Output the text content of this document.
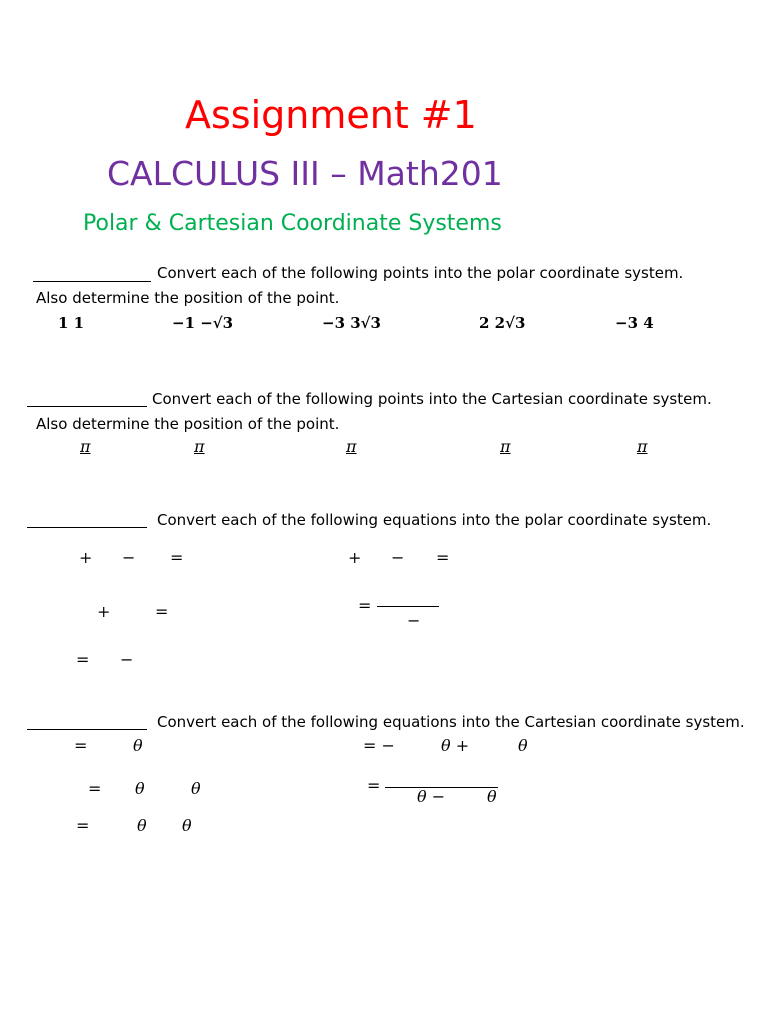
Assignment #1
CALCULUS III – Math201
Polar & Cartesian Coordinate Systems
Convert each of the following points into the polar coordinate system.
Also determine the position of the point.
1 1	−1 −√3	−3 3√3	2 2√3	−3 4
Convert each of the following points into the Cartesian coordinate system.
Also determine the position of the point.
π	π	π	π	π
Convert each of the following equations into the polar coordinate system.
+ − =	+ − =
+	=	=
−
= −
Convert each of the following equations into the Cartesian coordinate system.
=	θ	= −	θ +	θ
= θ	θ	=
θ −	θ
=	θ θ
